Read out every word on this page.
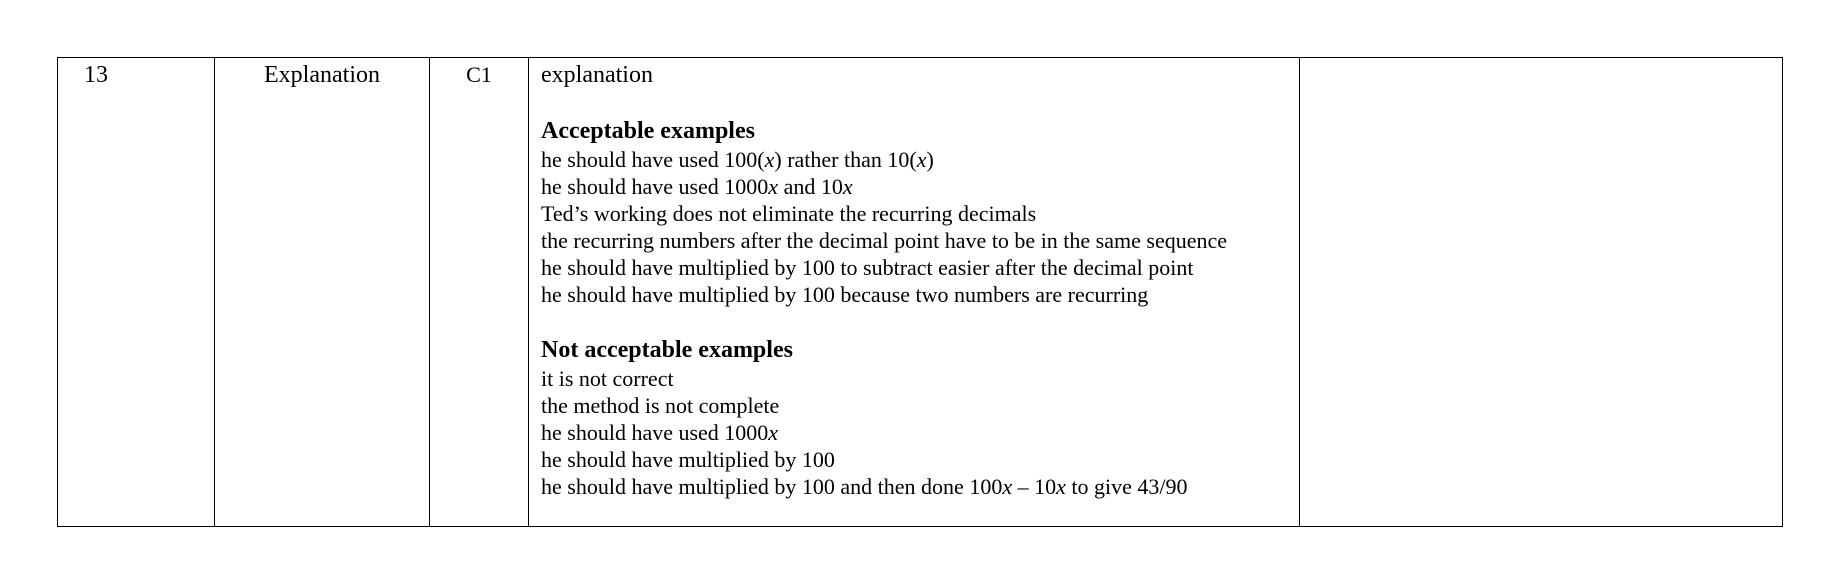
13	Explanation	C1	explanation
Acceptable examples
he should have used 100(x) rather than 10(x)
he should have used 1000x and 10x
Ted’s working does not eliminate the recurring decimals
the recurring numbers after the decimal point have to be in the same sequence
he should have multiplied by 100 to subtract easier after the decimal point
he should have multiplied by 100 because two numbers are recurring
Not acceptable examples
it is not correct
the method is not complete
he should have used 1000x
he should have multiplied by 100
he should have multiplied by 100 and then done 100x – 10x to give 43/90
